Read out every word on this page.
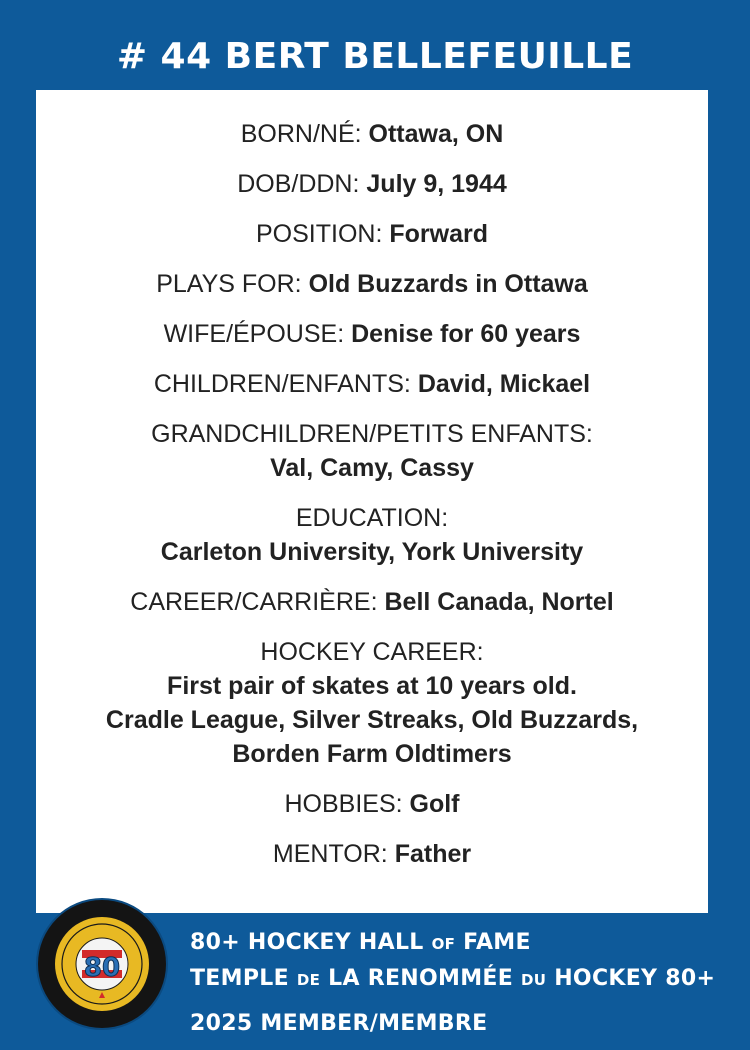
# 44 BERT BELLEFEUILLE
BORN/NÉ: Ottawa, ON
DOB/DDN: July 9, 1944
POSITION: Forward
PLAYS FOR: Old Buzzards in Ottawa
WIFE/ÉPOUSE: Denise for 60 years
CHILDREN/ENFANTS: David, Mickael
GRANDCHILDREN/PETITS ENFANTS:
Val, Camy, Cassy
EDUCATION:
Carleton University, York University
CAREER/CARRIÈRE: Bell Canada, Nortel
HOCKEY CAREER:
First pair of skates at 10 years old.
Cradle League, Silver Streaks, Old Buzzards,
Borden Farm Oldtimers
HOBBIES: Golf
MENTOR: Father
80
80+ HOCKEY HALL OF FAME
TEMPLE DE LA RENOMMÉE DU HOCKEY 80+
2025 MEMBER/MEMBRE
